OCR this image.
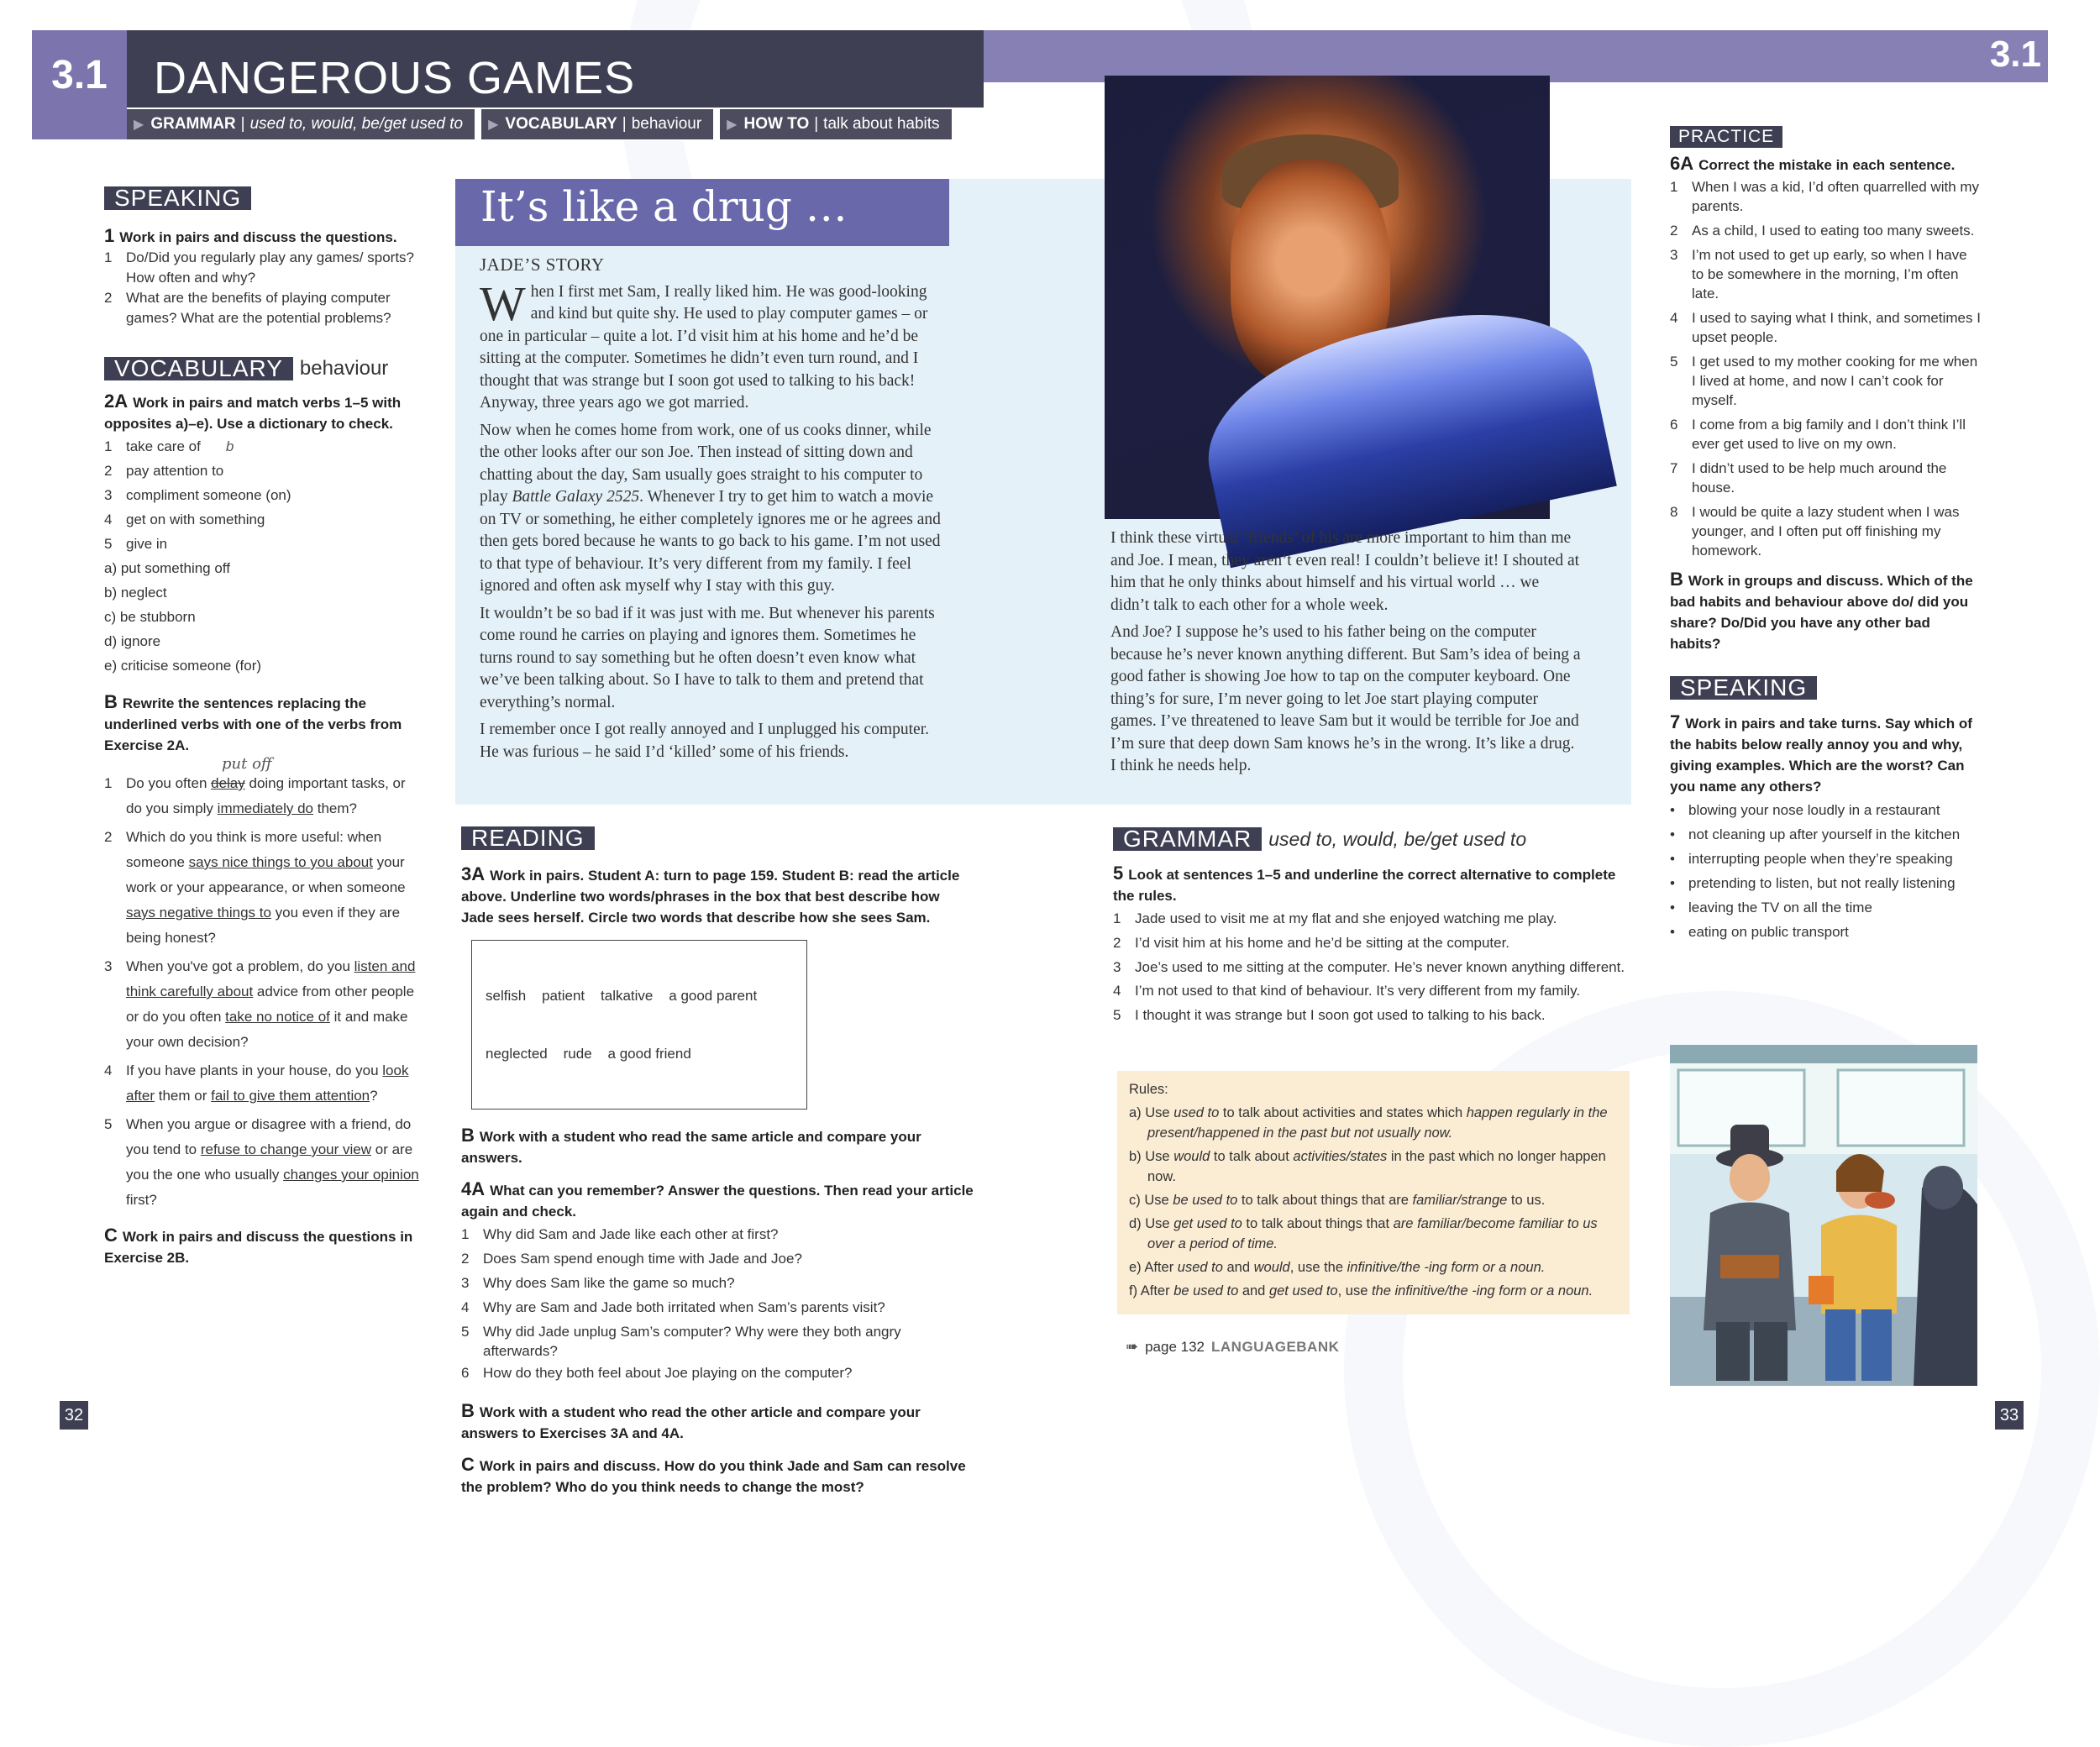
3.1	DANGEROUS GAMES	3.1
▶ GRAMMAR | used to, would, be/get used to ▶ VOCABULARY | behaviour ▶ HOW TO | talk about habits
SPEAKING
1 Work in pairs and discuss the questions.
1 Do/Did you regularly play any games/ sports? How often and why?
2 What are the benefits of playing computer games? What are the potential problems?
VOCABULARY behaviour
2A Work in pairs and match verbs 1–5 with opposites a)–e). Use a dictionary to check.
1 take care of b
2 pay attention to
3 compliment someone (on)
4 get on with something
5 give in
a) put something off
b) neglect
c) be stubborn
d) ignore
e) criticise someone (for)
B Rewrite the sentences replacing the underlined verbs with one of the verbs from Exercise 2A.
put off
1 Do you often delay doing important tasks, or do you simply immediately do them?
2 Which do you think is more useful: when someone says nice things to you about your work or your appearance, or when someone says negative things to you even if they are being honest?
3 When you've got a problem, do you listen and think carefully about advice from other people or do you often take no notice of it and make your own decision?
4 If you have plants in your house, do you look after them or fail to give them attention?
5 When you argue or disagree with a friend, do you tend to refuse to change your view or are you the one who usually changes your opinion first?
C Work in pairs and discuss the questions in Exercise 2B.
It’s like a drug …
JADE’S STORY

When I first met Sam, I really liked him. He was good-looking and kind but quite shy. He used to play computer games – or one in particular – quite a lot. I’d visit him at his home and he’d be sitting at the computer. Sometimes he didn’t even turn round, and I thought that was strange but I soon got used to talking to his back! Anyway, three years ago we got married.

Now when he comes home from work, one of us cooks dinner, while the other looks after our son Joe. Then instead of sitting down and chatting about the day, Sam usually goes straight to his computer to play Battle Galaxy 2525. Whenever I try to get him to watch a movie on TV or something, he either completely ignores me or he agrees and then gets bored because he wants to go back to his game. I’m not used to that type of behaviour. It’s very different from my family. I feel ignored and often ask myself why I stay with this guy.

It wouldn’t be so bad if it was just with me. But whenever his parents come round he carries on playing and ignores them. Sometimes he turns round to say something but he often doesn’t even know what we’ve been talking about. So I have to talk to them and pretend that everything’s normal.

I remember once I got really annoyed and I unplugged his computer. He was furious – he said I’d ‘killed’ some of his friends.

I think these virtual ‘friends’ of his are more important to him than me and Joe. I mean, they aren’t even real! I couldn’t believe it! I shouted at him that he only thinks about himself and his virtual world … we didn’t talk to each other for a whole week.

And Joe? I suppose he’s used to his father being on the computer because he’s never known anything different. But Sam’s idea of being a good father is showing Joe how to tap on the computer keyboard. One thing’s for sure, I’m never going to let Joe start playing computer games. I’ve threatened to leave Sam but it would be terrible for Joe and I’m sure that deep down Sam knows he’s in the wrong. It’s like a drug. I think he needs help.

READING
3A Work in pairs. Student A: turn to page 159. Student B: read the article above. Underline two words/phrases in the box that best describe how Jade sees herself. Circle two words that describe how she sees Sam.

selfish    patient    talkative    a good parent

neglected    rude    a good friend

B Work with a student who read the same article and compare your answers.
4A What can you remember? Answer the questions. Then read your article again and check.
1 Why did Sam and Jade like each other at first?
2 Does Sam spend enough time with Jade and Joe?
3 Why does Sam like the game so much?
4 Why are Sam and Jade both irritated when Sam’s parents visit?
5 Why did Jade unplug Sam’s computer? Why were they both angry afterwards?
6 How do they both feel about Joe playing on the computer?
B Work with a student who read the other article and compare your answers to Exercises 3A and 4A.
C Work in pairs and discuss. How do you think Jade and Sam can resolve the problem? Who do you think needs to change the most?
GRAMMAR used to, would, be/get used to
5 Look at sentences 1–5 and underline the correct alternative to complete the rules.
1 Jade used to visit me at my flat and she enjoyed watching me play.
2 I’d visit him at his home and he’d be sitting at the computer.
3 Joe’s used to me sitting at the computer. He’s never known anything different.
4 I’m not used to that kind of behaviour. It’s very different from my family.
5 I thought it was strange but I soon got used to talking to his back.
Rules:
a) Use used to to talk about activities and states which happen regularly in the present/happened in the past but not usually now.
b) Use would to talk about activities/states in the past which no longer happen now.
c) Use be used to to talk about things that are familiar/strange to us.
d) Use get used to to talk about things that are familiar/become familiar to us over a period of time.
e) After used to and would, use the infinitive/the -ing form or a noun.
f) After be used to and get used to, use the infinitive/the -ing form or a noun.
➠ page 132 LANGUAGEBANK
PRACTICE
6A Correct the mistake in each sentence.
1 When I was a kid, I’d often quarrelled with my parents.
2 As a child, I used to eating too many sweets.
3 I’m not used to get up early, so when I have to be somewhere in the morning, I’m often late.
4 I used to saying what I think, and sometimes I upset people.
5 I get used to my mother cooking for me when I lived at home, and now I can’t cook for myself.
6 I come from a big family and I don’t think I’ll ever get used to live on my own.
7 I didn’t used to be help much around the house.
8 I would be quite a lazy student when I was younger, and I often put off finishing my homework.
B Work in groups and discuss. Which of the bad habits and behaviour above do/ did you share? Do/Did you have any other bad habits?
SPEAKING
7 Work in pairs and take turns. Say which of the habits below really annoy you and why, giving examples. Which are the worst? Can you name any others?
• blowing your nose loudly in a restaurant
• not cleaning up after yourself in the kitchen
• interrupting people when they’re speaking
• pretending to listen, but not really listening
• leaving the TV on all the time
• eating on public transport
32	33
